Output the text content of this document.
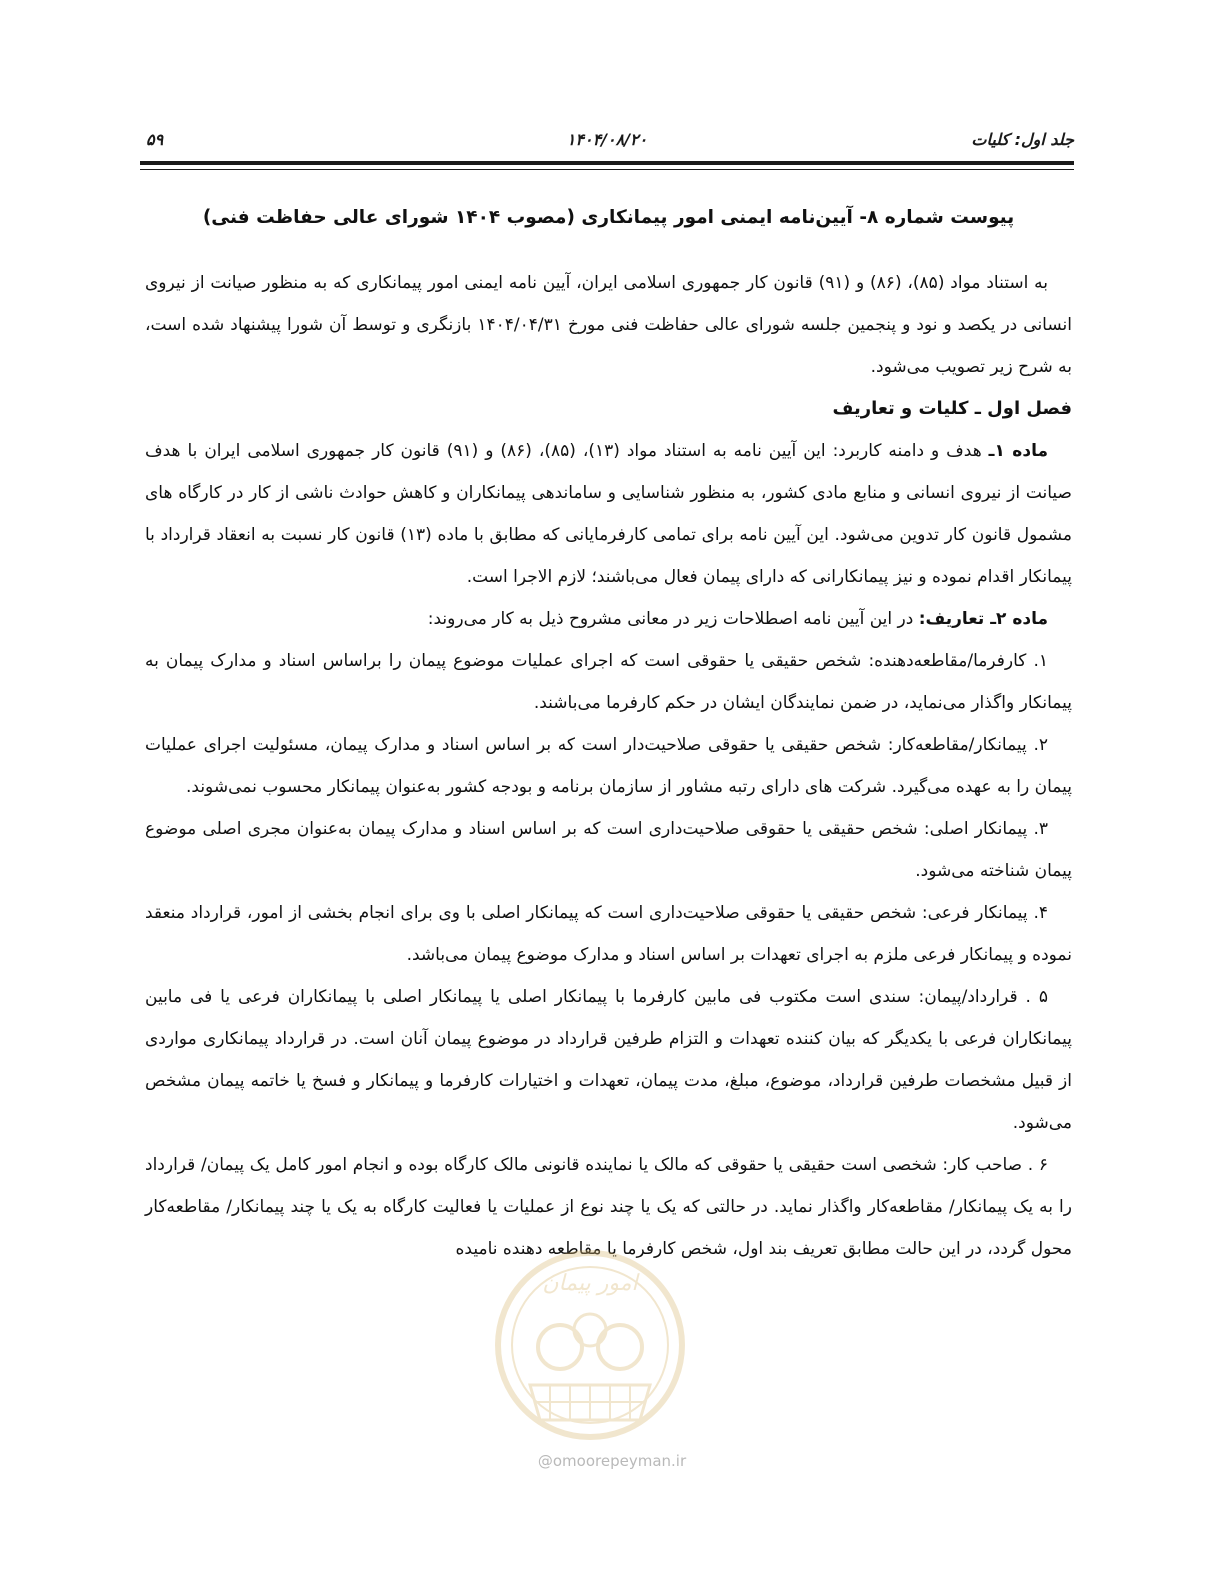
جلد اول: کلیات
۱۴۰۴/۰۸/۲۰
۵۹

پیوست شماره ۸- آیین‌نامه ایمنی امور پیمانکاری (مصوب ۱۴۰۴ شورای عالی حفاظت فنی)

به استناد مواد (۸۵)، (۸۶) و (۹۱) قانون کار جمهوری اسلامی ایران، آیین نامه ایمنی امور پیمانکاری که به منظور صیانت از نیروی انسانی در یکصد و نود و پنجمین جلسه شورای عالی حفاظت فنی مورخ ۱۴۰۴/۰۴/۳۱ بازنگری و توسط آن شورا پیشنهاد شده است، به شرح زیر تصویب می‌شود.

فصل اول ـ کلیات و تعاریف

ماده ۱ـ هدف و دامنه کاربرد: این آیین نامه به استناد مواد (۱۳)، (۸۵)، (۸۶) و (۹۱) قانون کار جمهوری اسلامی ایران با هدف صیانت از نیروی انسانی و منابع مادی کشور، به منظور شناسایی و ساماندهی پیمانکاران و کاهش حوادث ناشی از کار در کارگاه های مشمول قانون کار تدوین می‌شود. این آیین نامه برای تمامی کارفرمایانی که مطابق با ماده (۱۳) قانون کار نسبت به انعقاد قرارداد با پیمانکار اقدام نموده و نیز پیمانکارانی که دارای پیمان فعال می‌باشند؛ لازم الاجرا است.

ماده ۲ـ تعاریف: در این آیین نامه اصطلاحات زیر در معانی مشروح ذیل به کار می‌روند:

۱. کارفرما/مقاطعه‌دهنده: شخص حقیقی یا حقوقی است که اجرای عملیات موضوع پیمان را براساس اسناد و مدارک پیمان به پیمانکار واگذار می‌نماید، در ضمن نمایندگان ایشان در حکم کارفرما می‌باشند.

۲. پیمانکار/مقاطعه‌کار: شخص حقیقی یا حقوقی صلاحیت‌دار است که بر اساس اسناد و مدارک پیمان، مسئولیت اجرای عملیات پیمان را به عهده می‌گیرد. شرکت های دارای رتبه مشاور از سازمان برنامه و بودجه کشور به‌عنوان پیمانکار محسوب نمی‌شوند.

۳. پیمانکار اصلی: شخص حقیقی یا حقوقی صلاحیت‌داری است که بر اساس اسناد و مدارک پیمان به‌عنوان مجری اصلی موضوع پیمان شناخته می‌شود.

۴. پیمانکار فرعی: شخص حقیقی یا حقوقی صلاحیت‌داری است که پیمانکار اصلی با وی برای انجام بخشی از امور، قرارداد منعقد نموده و پیمانکار فرعی ملزم به اجرای تعهدات بر اساس اسناد و مدارک موضوع پیمان می‌باشد.

۵ . قرارداد/پیمان: سندی است مکتوب فی مابین کارفرما با پیمانکار اصلی یا پیمانکار اصلی با پیمانکاران فرعی یا فی مابین پیمانکاران فرعی با یکدیگر که بیان کننده تعهدات و التزام طرفین قرارداد در موضوع پیمان آنان است. در قرارداد پیمانکاری مواردی از قبیل مشخصات طرفین قرارداد، موضوع، مبلغ، مدت پیمان، تعهدات و اختیارات کارفرما و پیمانکار و فسخ یا خاتمه پیمان مشخص می‌شود.

۶ . صاحب کار: شخصی است حقیقی یا حقوقی که مالک یا نماینده قانونی مالک کارگاه بوده و انجام امور کامل یک پیمان/ قرارداد را به یک پیمانکار/ مقاطعه‌کار واگذار نماید. در حالتی که یک یا چند نوع از عملیات یا فعالیت کارگاه به یک یا چند پیمانکار/ مقاطعه‌کار محول گردد، در این حالت مطابق تعریف بند اول، شخص کارفرما یا مقاطعه دهنده نامیده

امور پیمان
@omoorepeyman.ir
